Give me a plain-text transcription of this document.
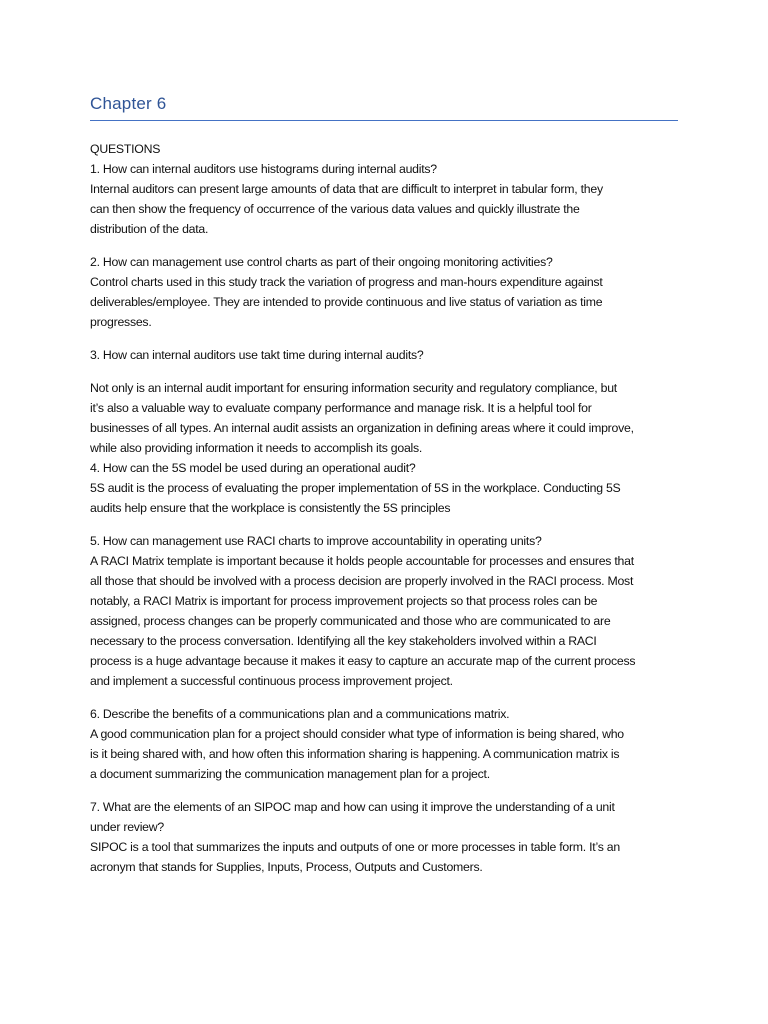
Chapter 6
QUESTIONS
1. How can internal auditors use histograms during internal audits?
Internal auditors can present large amounts of data that are difficult to interpret in tabular form, they
can then show the frequency of occurrence of the various data values and quickly illustrate the
distribution of the data.
2. How can management use control charts as part of their ongoing monitoring activities?
Control charts used in this study track the variation of progress and man-hours expenditure against
deliverables/employee. They are intended to provide continuous and live status of variation as time
progresses.
3. How can internal auditors use takt time during internal audits?
Not only is an internal audit important for ensuring information security and regulatory compliance, but
it’s also a valuable way to evaluate company performance and manage risk. It is a helpful tool for
businesses of all types. An internal audit assists an organization in defining areas where it could improve,
while also providing information it needs to accomplish its goals.
4. How can the 5S model be used during an operational audit?
5S audit is the process of evaluating the proper implementation of 5S in the workplace. Conducting 5S
audits help ensure that the workplace is consistently the 5S principles
5. How can management use RACI charts to improve accountability in operating units?
A RACI Matrix template is important because it holds people accountable for processes and ensures that
all those that should be involved with a process decision are properly involved in the RACI process. Most
notably, a RACI Matrix is important for process improvement projects so that process roles can be
assigned, process changes can be properly communicated and those who are communicated to are
necessary to the process conversation. Identifying all the key stakeholders involved within a RACI
process is a huge advantage because it makes it easy to capture an accurate map of the current process
and implement a successful continuous process improvement project.
6. Describe the benefits of a communications plan and a communications matrix.
A good communication plan for a project should consider what type of information is being shared, who
is it being shared with, and how often this information sharing is happening. A communication matrix is
a document summarizing the communication management plan for a project.
7. What are the elements of an SIPOC map and how can using it improve the understanding of a unit
under review?
SIPOC is a tool that summarizes the inputs and outputs of one or more processes in table form. It’s an
acronym that stands for Supplies, Inputs, Process, Outputs and Customers.
